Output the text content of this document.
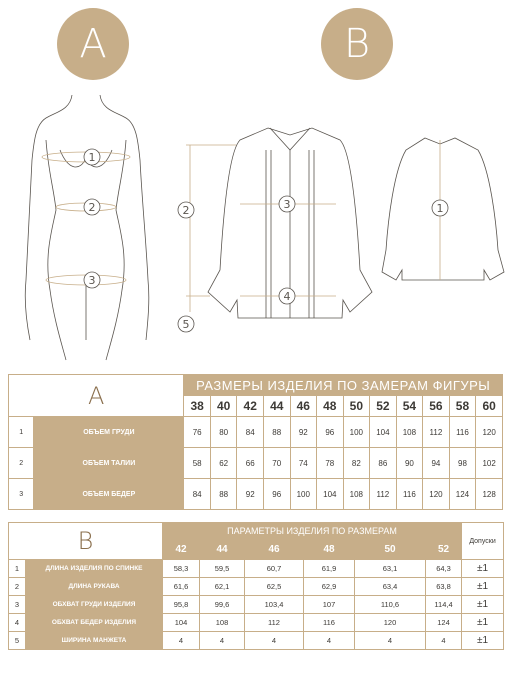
A	B
1
2
3
2	3
4
5
1
A		РАЗМЕРЫ ИЗДЕЛИЯ ПО ЗАМЕРАМ ФИГУРЫ											
		38	40	42	44	46	48	50	52	54	56	58	60
1	ОБЪЕМ ГРУДИ	76	80	84	88	92	96	100	104	108	112	116	120
2	ОБЪЕМ ТАЛИИ	58	62	66	70	74	78	82	86	90	94	98	102
3	ОБЪЕМ БЕДЕР	84	88	92	96	100	104	108	112	116	120	124	128
B		ПАРАМЕТРЫ ИЗДЕЛИЯ ПО РАЗМЕРАМ						Допуски
		42	44	46	48	50	52	
1	ДЛИНА ИЗДЕЛИЯ ПО СПИНКЕ	58,3	59,5	60,7	61,9	63,1	64,3	±1
2	ДЛИНА РУКАВА	61,6	62,1	62,5	62,9	63,4	63,8	±1
3	ОБХВАТ ГРУДИ ИЗДЕЛИЯ	95,8	99,6	103,4	107	110,6	114,4	±1
4	ОБХВАТ БЕДЕР ИЗДЕЛИЯ	104	108	112	116	120	124	±1
5	ШИРИНА МАНЖЕТА	4	4	4	4	4	4	±1
